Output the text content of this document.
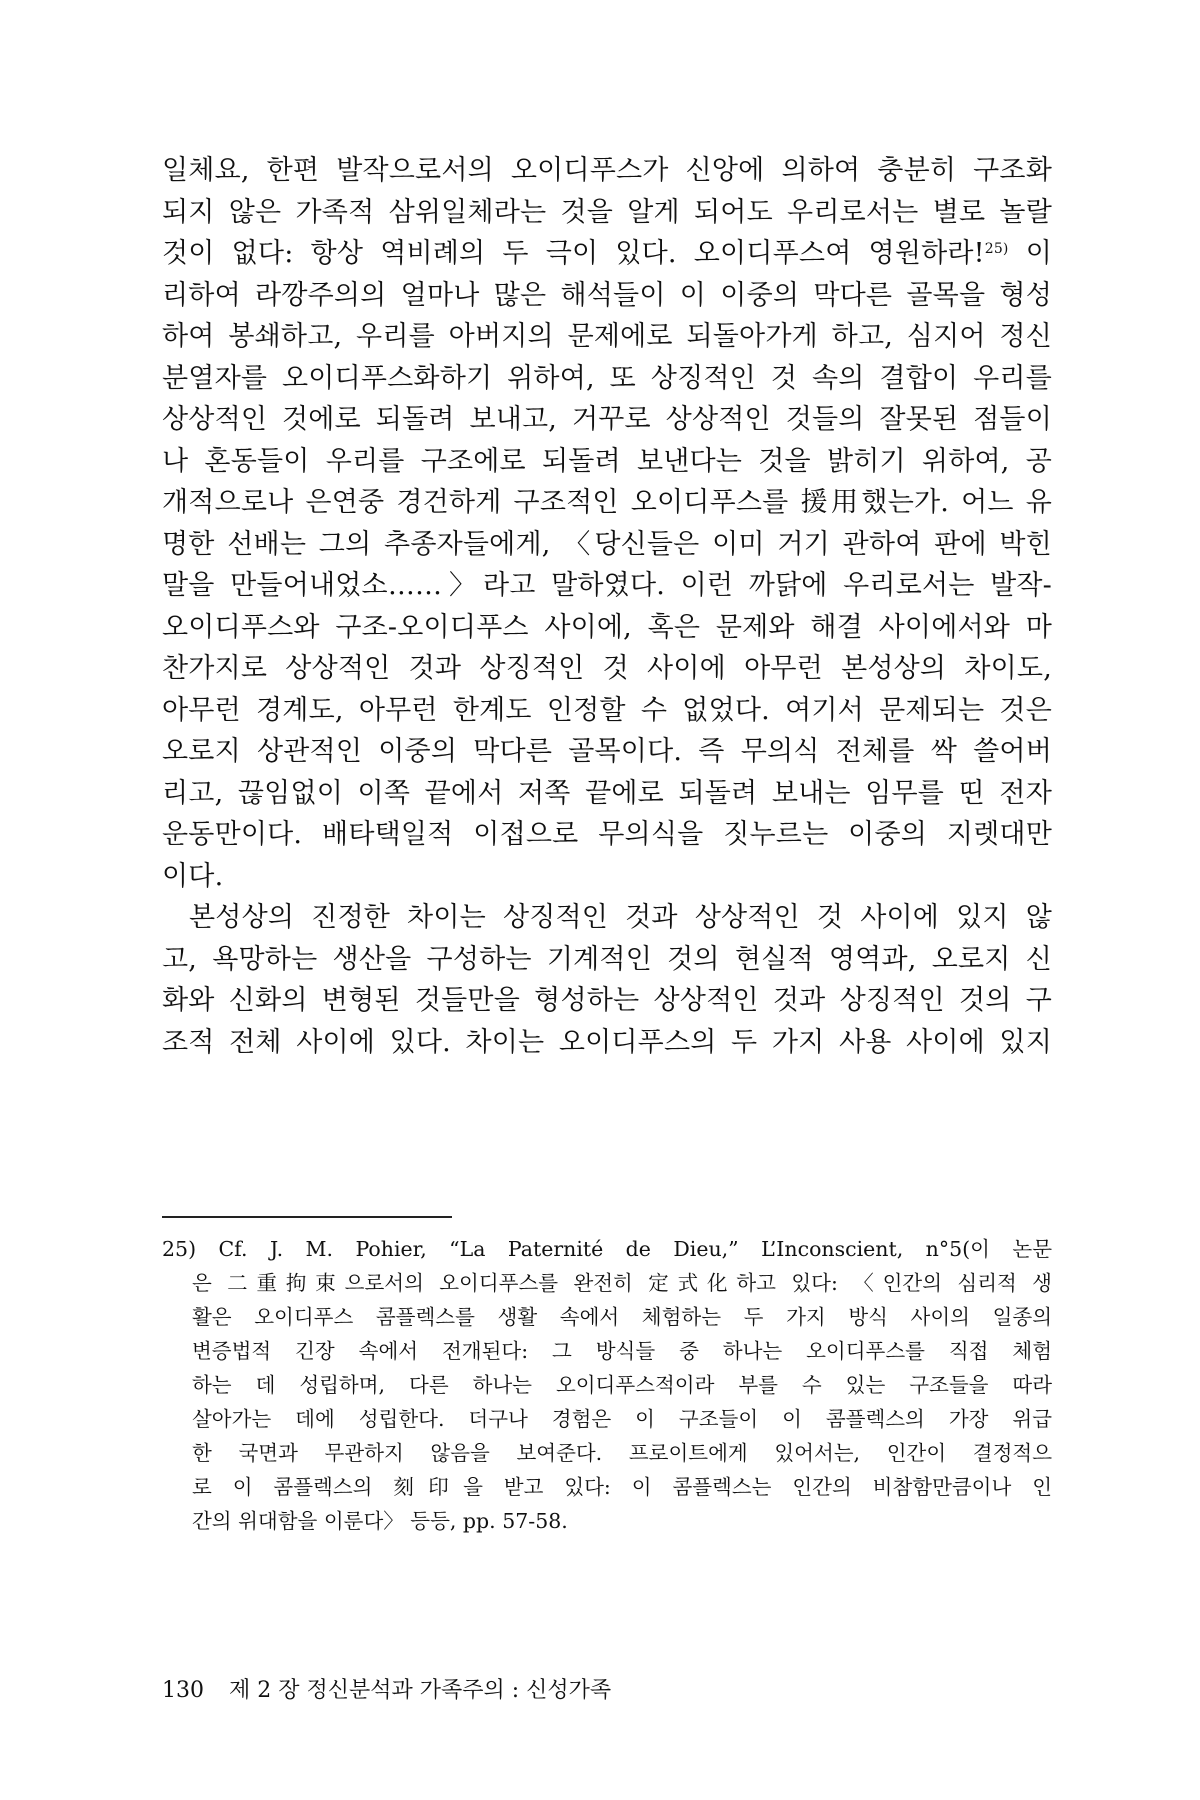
일체요, 한편 발작으로서의 오이디푸스가 신앙에 의하여 충분히 구조화
되지 않은 가족적 삼위일체라는 것을 알게 되어도 우리로서는 별로 놀랄
것이 없다: 항상 역비례의 두 극이 있다. 오이디푸스여 영원하라!$^{25)}$ 이
리하여 라깡주의의 얼마나 많은 해석들이 이 이중의 막다른 골목을 형성
하여 봉쇄하고, 우리를 아버지의 문제에로 되돌아가게 하고, 심지어 정신
분열자를 오이디푸스화하기 위하여, 또 상징적인 것 속의 결합이 우리를
상상적인 것에로 되돌려 보내고, 거꾸로 상상적인 것들의 잘못된 점들이
나 혼동들이 우리를 구조에로 되돌려 보낸다는 것을 밝히기 위하여, 공
개적으로나 은연중 경건하게 구조적인 오이디푸스를 援用했는가. 어느 유
명한 선배는 그의 추종자들에게, 〈당신들은 이미 거기 관하여 판에 박힌
말을 만들어내었소……〉라고 말하였다. 이런 까닭에 우리로서는 발작-
오이디푸스와 구조-오이디푸스 사이에, 혹은 문제와 해결 사이에서와 마
찬가지로 상상적인 것과 상징적인 것 사이에 아무런 본성상의 차이도,
아무런 경계도, 아무런 한계도 인정할 수 없었다. 여기서 문제되는 것은
오로지 상관적인 이중의 막다른 골목이다. 즉 무의식 전체를 싹 쓸어버
리고, 끊임없이 이쪽 끝에서 저쪽 끝에로 되돌려 보내는 임무를 띤 전자
운동만이다. 배타택일적 이접으로 무의식을 짓누르는 이중의 지렛대만
이다.
본성상의 진정한 차이는 상징적인 것과 상상적인 것 사이에 있지 않
고, 욕망하는 생산을 구성하는 기계적인 것의 현실적 영역과, 오로지 신
화와 신화의 변형된 것들만을 형성하는 상상적인 것과 상징적인 것의 구
조적 전체 사이에 있다. 차이는 오이디푸스의 두 가지 사용 사이에 있지
25) Cf. J. M. Pohier, “La Paternité de Dieu,” L’Inconscient, n°5(이 논문
은 二重拘束으로서의 오이디푸스를 완전히 定式化하고 있다: 〈인간의 심리적 생
활은 오이디푸스 콤플렉스를 생활 속에서 체험하는 두 가지 방식 사이의 일종의
변증법적 긴장 속에서 전개된다: 그 방식들 중 하나는 오이디푸스를 직접 체험
하는 데 성립하며, 다른 하나는 오이디푸스적이라 부를 수 있는 구조들을 따라
살아가는 데에 성립한다. 더구나 경험은 이 구조들이 이 콤플렉스의 가장 위급
한 국면과 무관하지 않음을 보여준다. 프로이트에게 있어서는, 인간이 결정적으
로 이 콤플렉스의 刻印을 받고 있다: 이 콤플렉스는 인간의 비참함만큼이나 인
간의 위대함을 이룬다〉 등등, pp. 57-58.
130 제 2 장 정신분석과 가족주의 : 신성가족
